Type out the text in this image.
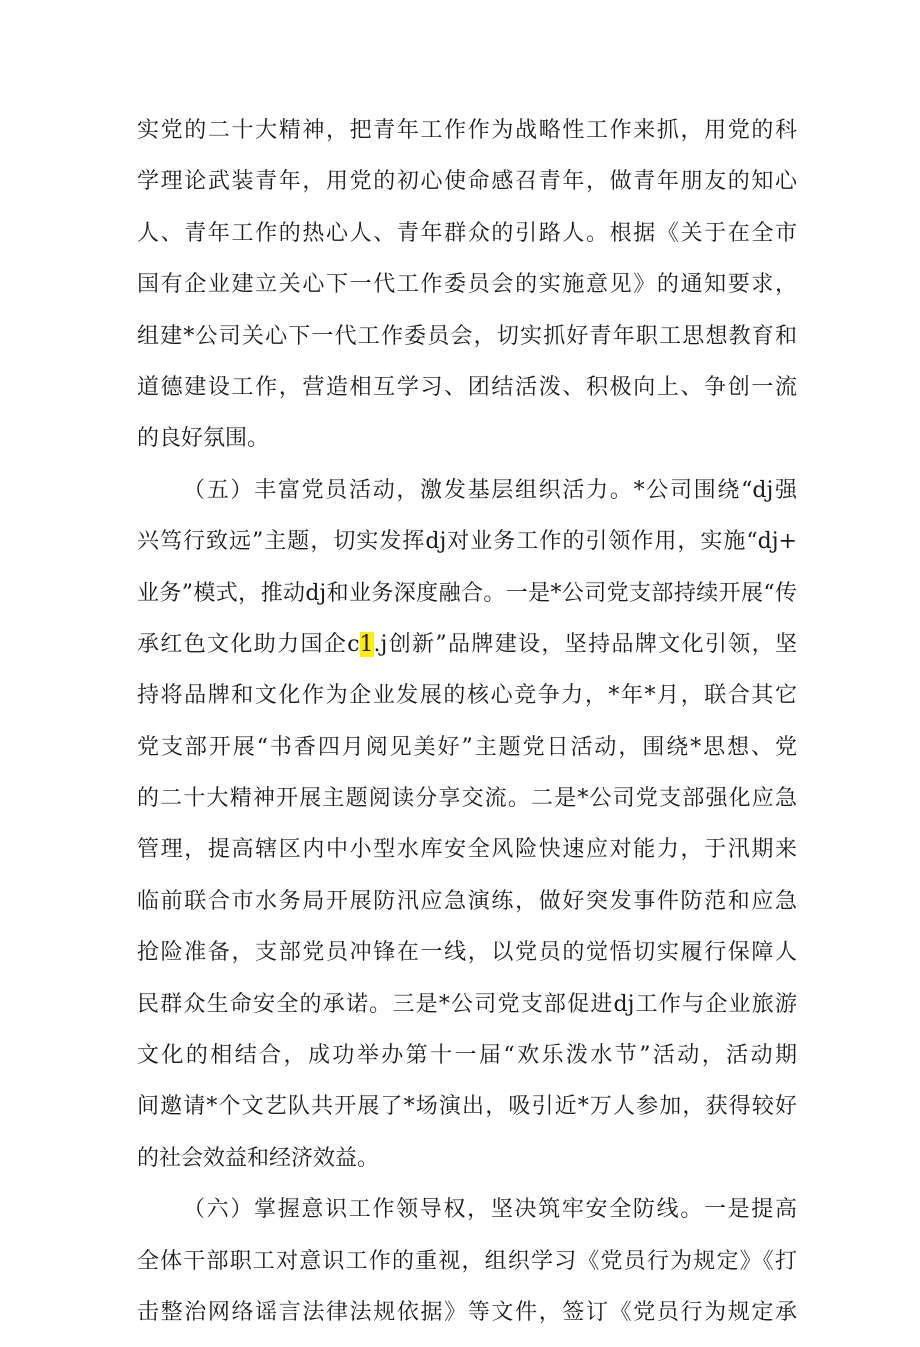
实党的二十大精神，把青年工作作为战略性工作来抓，用党的科
学理论武装青年，用党的初心使命感召青年，做青年朋友的知心
人、青年工作的热心人、青年群众的引路人。根据《关于在全市
国有企业建立关心下一代工作委员会的实施意见》的通知要求，
组建*公司关心下一代工作委员会，切实抓好青年职工思想教育和
道德建设工作，营造相互学习、团结活泼、积极向上、争创一流
的良好氛围。
（五）丰富党员活动，激发基层组织活力。*公司围绕“dj强
兴笃行致远”主题，切实发挥dj对业务工作的引领作用，实施“dj+
业务”模式，推动dj和业务深度融合。一是*公司党支部持续开展“传
承红色文化助力国企c1.j创新”品牌建设，坚持品牌文化引领，坚
持将品牌和文化作为企业发展的核心竞争力，*年*月，联合其它
党支部开展“书香四月阅见美好”主题党日活动，围绕*思想、党
的二十大精神开展主题阅读分享交流。二是*公司党支部强化应急
管理，提高辖区内中小型水库安全风险快速应对能力，于汛期来
临前联合市水务局开展防汛应急演练，做好突发事件防范和应急
抢险准备，支部党员冲锋在一线，以党员的觉悟切实履行保障人
民群众生命安全的承诺。三是*公司党支部促进dj工作与企业旅游
文化的相结合，成功举办第十一届“欢乐泼水节”活动，活动期
间邀请*个文艺队共开展了*场演出，吸引近*万人参加，获得较好
的社会效益和经济效益。
（六）掌握意识工作领导权，坚决筑牢安全防线。一是提高
全体干部职工对意识工作的重视，组织学习《党员行为规定》《打
击整治网络谣言法律法规依据》等文件，签订《党员行为规定承
